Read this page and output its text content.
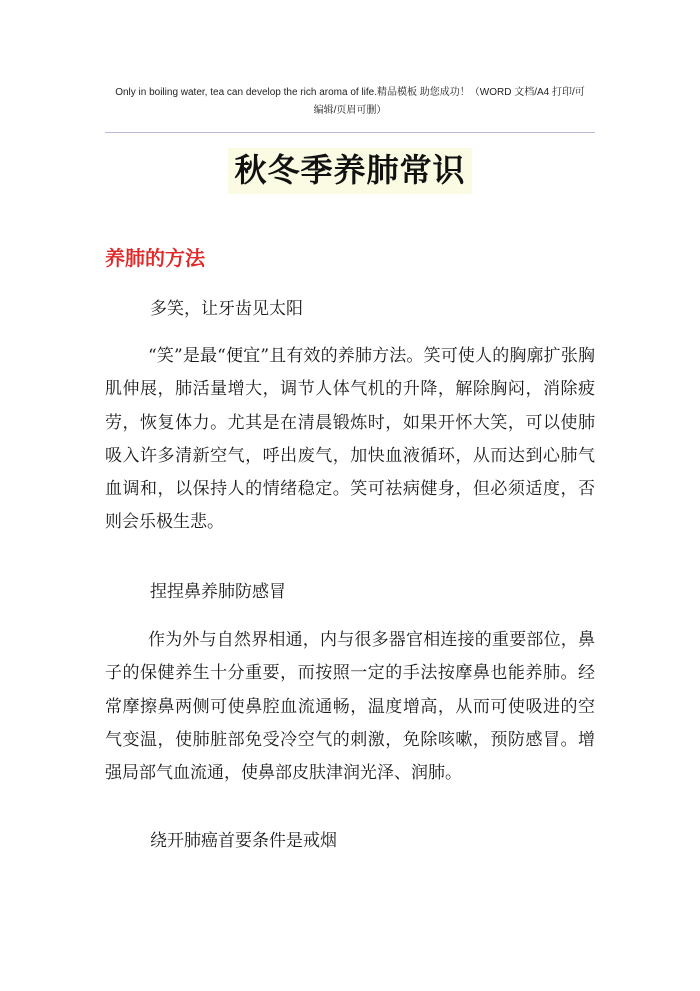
Only in boiling water, tea can develop the rich aroma of life.精品模板 助您成功！（WORD 文档/A4 打印/可
编辑/页眉可删）
秋冬季养肺常识
养肺的方法
多笑，让牙齿见太阳
“笑”是最“便宜”且有效的养肺方法。笑可使人的胸廓扩张胸肌伸展，肺活量增大，调节人体气机的升降，解除胸闷，消除疲劳，恢复体力。尤其是在清晨锻炼时，如果开怀大笑，可以使肺吸入许多清新空气，呼出废气，加快血液循环，从而达到心肺气血调和，以保持人的情绪稳定。笑可祛病健身，但必须适度，否则会乐极生悲。
捏捏鼻养肺防感冒
作为外与自然界相通，内与很多器官相连接的重要部位，鼻子的保健养生十分重要，而按照一定的手法按摩鼻也能养肺。经常摩擦鼻两侧可使鼻腔血流通畅，温度增高，从而可使吸进的空气变温，使肺脏部免受冷空气的刺激，免除咳嗽，预防感冒。增强局部气血流通，使鼻部皮肤津润光泽、润肺。
绕开肺癌首要条件是戒烟
